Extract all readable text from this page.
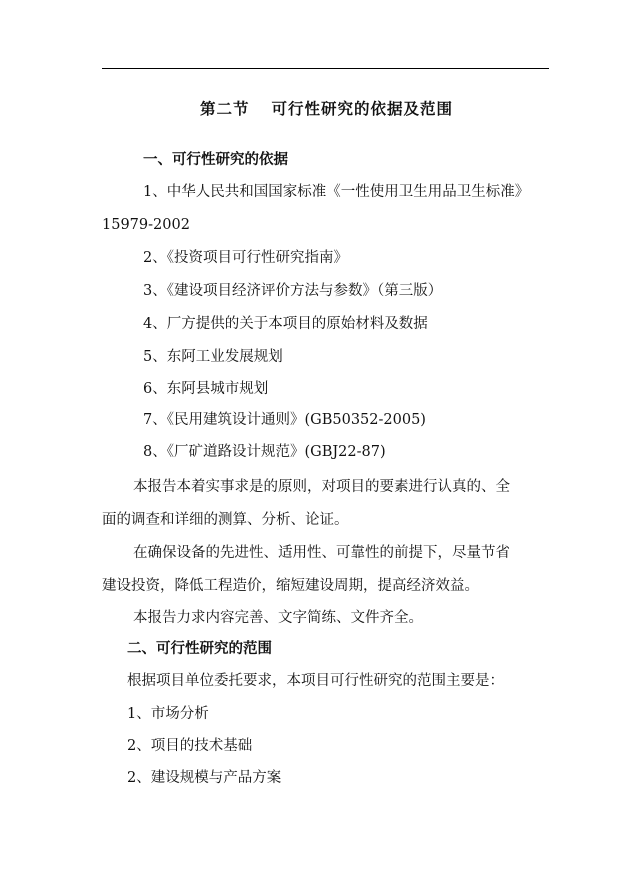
第二节 可行性研究的依据及范围
一、可行性研究的依据
1、中华人民共和国国家标准《一性使用卫生用品卫生标准》
15979-2002
2、《投资项目可行性研究指南》
3、《建设项目经济评价方法与参数》（第三版）
4、厂方提供的关于本项目的原始材料及数据
5、东阿工业发展规划
6、东阿县城市规划
7、《民用建筑设计通则》(GB50352-2005)
8、《厂矿道路设计规范》(GBJ22-87)
本报告本着实事求是的原则，对项目的要素进行认真的、全
面的调查和详细的测算、分析、论证。
在确保设备的先进性、适用性、可靠性的前提下，尽量节省
建设投资，降低工程造价，缩短建设周期，提高经济效益。
本报告力求内容完善、文字简练、文件齐全。
二、可行性研究的范围
根据项目单位委托要求，本项目可行性研究的范围主要是：
1、市场分析
2、项目的技术基础
2、建设规模与产品方案
